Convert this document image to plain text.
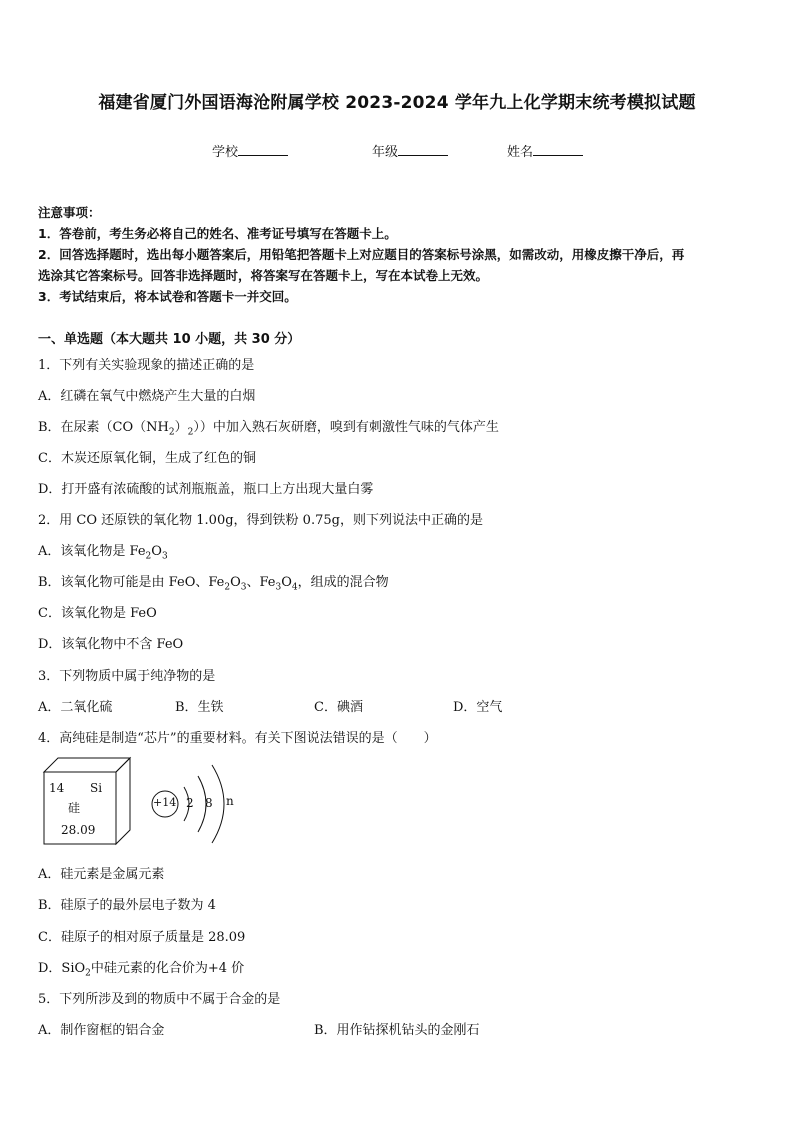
福建省厦门外国语海沧附属学校 2023-2024 学年九上化学期末统考模拟试题
学校	年级	姓名
注意事项：
1．答卷前，考生务必将自己的姓名、准考证号填写在答题卡上。
2．回答选择题时，选出每小题答案后，用铅笔把答题卡上对应题目的答案标号涂黑，如需改动，用橡皮擦干净后，再
选涂其它答案标号。回答非选择题时，将答案写在答题卡上，写在本试卷上无效。
3．考试结束后，将本试卷和答题卡一并交回。
一、单选题（本大题共 10 小题，共 30 分）
1．下列有关实验现象的描述正确的是
A．红磷在氧气中燃烧产生大量的白烟
B．在尿素$(CO(NH_2)_2)$）中加入熟石灰研磨，嗅到有刺激性气味的气体产生
C．木炭还原氧化铜，生成了红色的铜
D．打开盛有浓硫酸的试剂瓶瓶盖，瓶口上方出现大量白雾
2．用 CO 还原铁的氧化物 1.00g，得到铁粉 0.75g，则下列说法中正确的是
A．该氧化物是 $Fe_2O_3$
B．该氧化物可能是由 FeO、$Fe_2O_3$、$Fe_3O_4$，组成的混合物
C．该氧化物是 FeO
D．该氧化物中不含 FeO
3．下列物质中属于纯净物的是
A．二氧化硫	B．生铁	C．碘酒	D．空气
4．高纯硅是制造“芯片”的重要材料。有关下图说法错误的是（　　）
14 Si
硅
28.09
+14 2 8 n
A．硅元素是金属元素
B．硅原子的最外层电子数为 4
C．硅原子的相对原子质量是 28.09
D．SiO$_2$中硅元素的化合价为+4 价
5．下列所涉及到的物质中不属于合金的是
A．制作窗框的铝合金	B．用作钻探机钻头的金刚石
